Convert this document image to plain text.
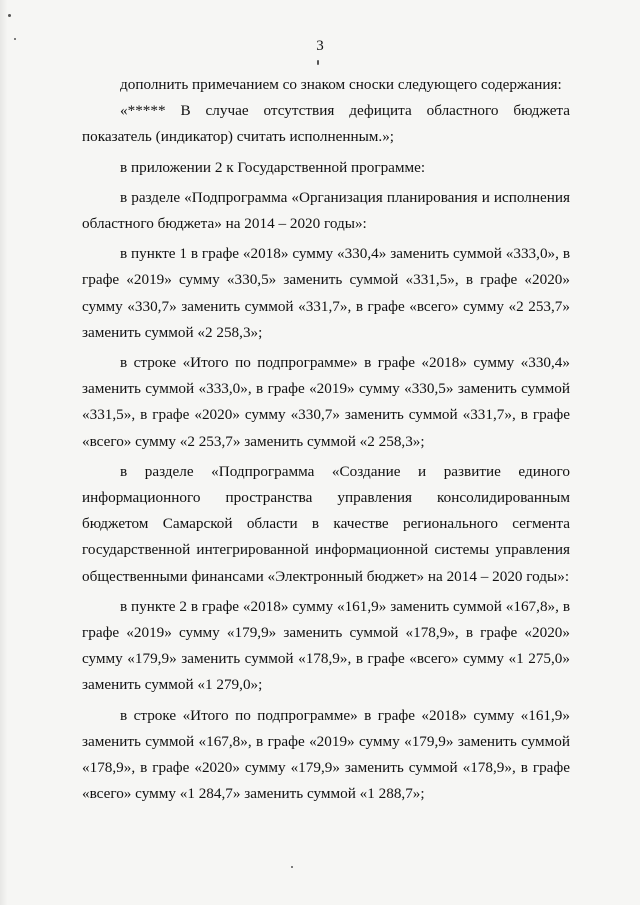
3

дополнить примечанием со знаком сноски следующего содержания:

«***** В случае отсутствия дефицита областного бюджета показатель (индикатор) считать исполненным.»;

в приложении 2 к Государственной программе:

в разделе «Подпрограмма «Организация планирования и исполнения областного бюджета» на 2014 – 2020 годы»:

в пункте 1 в графе «2018» сумму «330,4» заменить суммой «333,0», в графе «2019» сумму «330,5» заменить суммой «331,5», в графе «2020» сумму «330,7» заменить суммой «331,7», в графе «всего» сумму «2 253,7» заменить суммой «2 258,3»;

в строке «Итого по подпрограмме» в графе «2018» сумму «330,4» заменить суммой «333,0», в графе «2019» сумму «330,5» заменить суммой «331,5», в графе «2020» сумму «330,7» заменить суммой «331,7», в графе «всего» сумму «2 253,7» заменить суммой «2 258,3»;

в разделе «Подпрограмма «Создание и развитие единого информационного пространства управления консолидированным бюджетом Самарской области в качестве регионального сегмента государственной интегрированной информационной системы управления общественными финансами «Электронный бюджет» на 2014 – 2020 годы»:

в пункте 2 в графе «2018» сумму «161,9» заменить суммой «167,8», в графе «2019» сумму «179,9» заменить суммой «178,9», в графе «2020» сумму «179,9» заменить суммой «178,9», в графе «всего» сумму «1 275,0» заменить суммой «1 279,0»;

в строке «Итого по подпрограмме» в графе «2018» сумму «161,9» заменить суммой «167,8», в графе «2019» сумму «179,9» заменить суммой «178,9», в графе «2020» сумму «179,9» заменить суммой «178,9», в графе «всего» сумму «1 284,7» заменить суммой «1 288,7»;
